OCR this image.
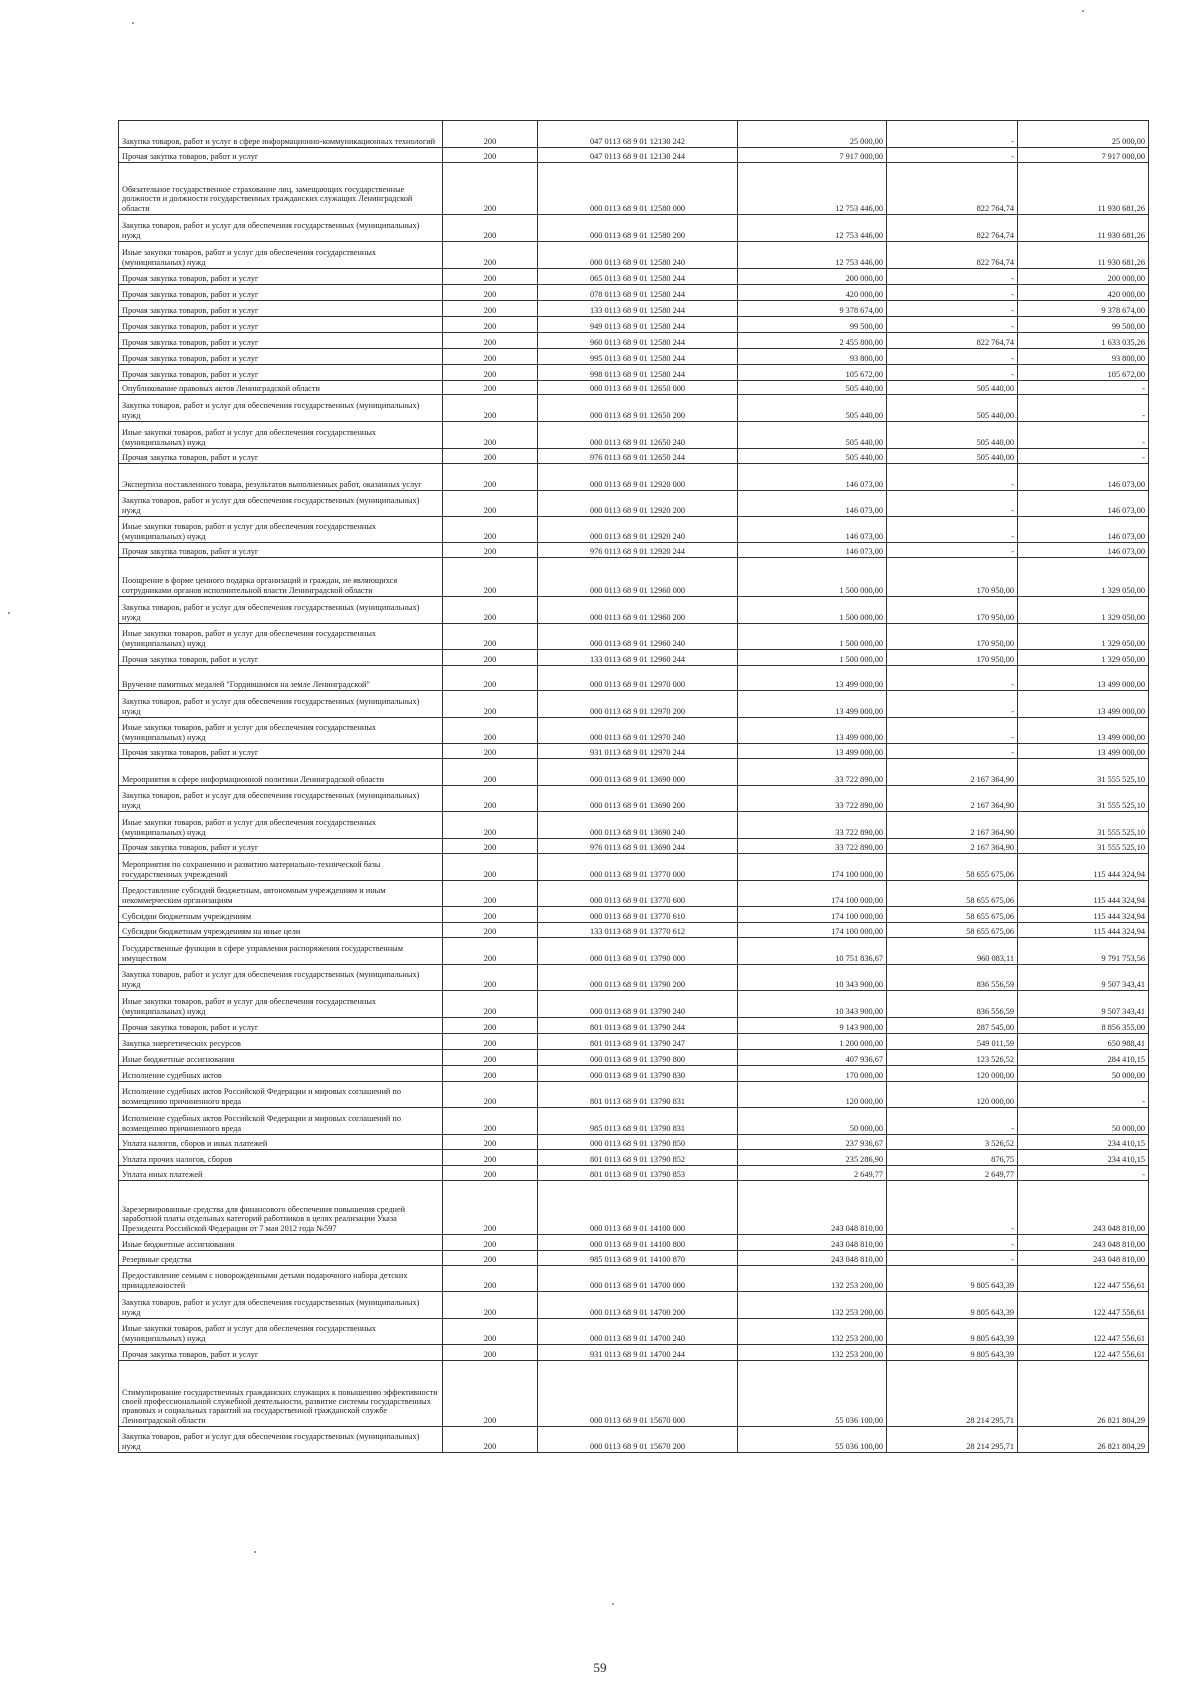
Закупка товаров, работ и услуг в сфере информационно-коммуникационных технологий	200	047 0113 68 9 01 12130 242	25 000,00	-	25 000,00
Прочая закупка товаров, работ и услуг	200	047 0113 68 9 01 12130 244	7 917 000,00	-	7 917 000,00
Обязательное государственное страхование лиц, замещающих государственные должности и должности государственных гражданских служащих Ленинградской области	200	000 0113 68 9 01 12580 000	12 753 446,00	822 764,74	11 930 681,26
Закупка товаров, работ и услуг для обеспечения государственных (муниципальных) нужд	200	000 0113 68 9 01 12580 200	12 753 446,00	822 764,74	11 930 681,26
Иные закупки товаров, работ и услуг для обеспечения государственных (муниципальных) нужд	200	000 0113 68 9 01 12580 240	12 753 446,00	822 764,74	11 930 681,26
Прочая закупка товаров, работ и услуг	200	065 0113 68 9 01 12580 244	200 000,00	-	200 000,00
Прочая закупка товаров, работ и услуг	200	078 0113 68 9 01 12580 244	420 000,00	-	420 000,00
Прочая закупка товаров, работ и услуг	200	133 0113 68 9 01 12580 244	9 378 674,00	-	9 378 674,00
Прочая закупка товаров, работ и услуг	200	949 0113 68 9 01 12580 244	99 500,00	-	99 500,00
Прочая закупка товаров, работ и услуг	200	960 0113 68 9 01 12580 244	2 455 800,00	822 764,74	1 633 035,26
Прочая закупка товаров, работ и услуг	200	995 0113 68 9 01 12580 244	93 800,00	-	93 800,00
Прочая закупка товаров, работ и услуг	200	998 0113 68 9 01 12580 244	105 672,00	-	105 672,00
Опубликование правовых актов Ленинградской области	200	000 0113 68 9 01 12650 000	505 440,00	505 440,00	-
Закупка товаров, работ и услуг для обеспечения государственных (муниципальных) нужд	200	000 0113 68 9 01 12650 200	505 440,00	505 440,00	-
Иные закупки товаров, работ и услуг для обеспечения государственных (муниципальных) нужд	200	000 0113 68 9 01 12650 240	505 440,00	505 440,00	-
Прочая закупка товаров, работ и услуг	200	976 0113 68 9 01 12650 244	505 440,00	505 440,00	-
Экспертиза поставленного товара, результатов выполненных работ, оказанных услуг	200	000 0113 68 9 01 12920 000	146 073,00	-	146 073,00
Закупка товаров, работ и услуг для обеспечения государственных (муниципальных) нужд	200	000 0113 68 9 01 12920 200	146 073,00	-	146 073,00
Иные закупки товаров, работ и услуг для обеспечения государственных (муниципальных) нужд	200	000 0113 68 9 01 12920 240	146 073,00	-	146 073,00
Прочая закупка товаров, работ и услуг	200	976 0113 68 9 01 12920 244	146 073,00	-	146 073,00
Поощрение в форме ценного подарка организаций и граждан, не являющихся сотрудниками органов исполнительной власти Ленинградской области	200	000 0113 68 9 01 12960 000	1 500 000,00	170 950,00	1 329 050,00
Закупка товаров, работ и услуг для обеспечения государственных (муниципальных) нужд	200	000 0113 68 9 01 12960 200	1 500 000,00	170 950,00	1 329 050,00
Иные закупки товаров, работ и услуг для обеспечения государственных (муниципальных) нужд	200	000 0113 68 9 01 12960 240	1 500 000,00	170 950,00	1 329 050,00
Прочая закупка товаров, работ и услуг	200	133 0113 68 9 01 12960 244	1 500 000,00	170 950,00	1 329 050,00
Вручение памятных медалей "Гордившимся на земле Ленинградской"	200	000 0113 68 9 01 12970 000	13 499 000,00	-	13 499 000,00
Закупка товаров, работ и услуг для обеспечения государственных (муниципальных) нужд	200	000 0113 68 9 01 12970 200	13 499 000,00	-	13 499 000,00
Иные закупки товаров, работ и услуг для обеспечения государственных (муниципальных) нужд	200	000 0113 68 9 01 12970 240	13 499 000,00	-	13 499 000,00
Прочая закупка товаров, работ и услуг	200	931 0113 68 9 01 12970 244	13 499 000,00	-	13 499 000,00
Мероприятия в сфере информационной политики Ленинградской области	200	000 0113 68 9 01 13690 000	33 722 890,00	2 167 364,90	31 555 525,10
Закупка товаров, работ и услуг для обеспечения государственных (муниципальных) нужд	200	000 0113 68 9 01 13690 200	33 722 890,00	2 167 364,90	31 555 525,10
Иные закупки товаров, работ и услуг для обеспечения государственных (муниципальных) нужд	200	000 0113 68 9 01 13690 240	33 722 890,00	2 167 364,90	31 555 525,10
Прочая закупка товаров, работ и услуг	200	976 0113 68 9 01 13690 244	33 722 890,00	2 167 364,90	31 555 525,10
Мероприятия по сохранению и развитию материально-технической базы государственных учреждений	200	000 0113 68 9 01 13770 000	174 100 000,00	58 655 675,06	115 444 324,94
Предоставление субсидий бюджетным, автономным учреждениям и иным некоммерческим организациям	200	000 0113 68 9 01 13770 600	174 100 000,00	58 655 675,06	115 444 324,94
Субсидии бюджетным учреждениям	200	000 0113 68 9 01 13770 610	174 100 000,00	58 655 675,06	115 444 324,94
Субсидии бюджетным учреждениям на иные цели	200	133 0113 68 9 01 13770 612	174 100 000,00	58 655 675,06	115 444 324,94
Государственные функции в сфере управления распоряжения государственным имуществом	200	000 0113 68 9 01 13790 000	10 751 836,67	960 083,11	9 791 753,56
Закупка товаров, работ и услуг для обеспечения государственных (муниципальных) нужд	200	000 0113 68 9 01 13790 200	10 343 900,00	836 556,59	9 507 343,41
Иные закупки товаров, работ и услуг для обеспечения государственных (муниципальных) нужд	200	000 0113 68 9 01 13790 240	10 343 900,00	836 556,59	9 507 343,41
Прочая закупка товаров, работ и услуг	200	801 0113 68 9 01 13790 244	9 143 900,00	287 545,00	8 856 355,00
Закупка энергетических ресурсов	200	801 0113 68 9 01 13790 247	1 200 000,00	549 011,59	650 988,41
Иные бюджетные ассигнования	200	000 0113 68 9 01 13790 800	407 936,67	123 526,52	284 410,15
Исполнение судебных актов	200	000 0113 68 9 01 13790 830	170 000,00	120 000,00	50 000,00
Исполнение судебных актов Российской Федерации и мировых соглашений по возмещению причиненного вреда	200	801 0113 68 9 01 13790 831	120 000,00	120 000,00	-
Исполнение судебных актов Российской Федерации и мировых соглашений по возмещению причиненного вреда	200	985 0113 68 9 01 13790 831	50 000,00	-	50 000,00
Уплата налогов, сборов и иных платежей	200	000 0113 68 9 01 13790 850	237 936,67	3 526,52	234 410,15
Уплата прочих налогов, сборов	200	801 0113 68 9 01 13790 852	235 286,90	876,75	234 410,15
Уплата иных платежей	200	801 0113 68 9 01 13790 853	2 649,77	2 649,77	-
Зарезервированные средства для финансового обеспечения повышения средней заработной платы отдельных категорий работников в целях реализации Указа Президента Российской Федерации от 7 мая 2012 года №597	200	000 0113 68 9 01 14100 000	243 048 810,00	-	243 048 810,00
Иные бюджетные ассигнования	200	000 0113 68 9 01 14100 800	243 048 810,00	-	243 048 810,00
Резервные средства	200	985 0113 68 9 01 14100 870	243 048 810,00	-	243 048 810,00
Предоставление семьям с новорожденными детьми подарочного набора детских принадлежностей	200	000 0113 68 9 01 14700 000	132 253 200,00	9 805 643,39	122 447 556,61
Закупка товаров, работ и услуг для обеспечения государственных (муниципальных) нужд	200	000 0113 68 9 01 14700 200	132 253 200,00	9 805 643,39	122 447 556,61
Иные закупки товаров, работ и услуг для обеспечения государственных (муниципальных) нужд	200	000 0113 68 9 01 14700 240	132 253 200,00	9 805 643,39	122 447 556,61
Прочая закупка товаров, работ и услуг	200	931 0113 68 9 01 14700 244	132 253 200,00	9 805 643,39	122 447 556,61
Стимулирование государственных гражданских служащих к повышению эффективности своей профессиональной служебной деятельности, развитие системы государственных правовых и социальных гарантий на государственной гражданской службе Ленинградской области	200	000 0113 68 9 01 15670 000	55 036 100,00	28 214 295,71	26 821 804,29
Закупка товаров, работ и услуг для обеспечения государственных (муниципальных) нужд	200	000 0113 68 9 01 15670 200	55 036 100,00	28 214 295,71	26 821 804,29
59
